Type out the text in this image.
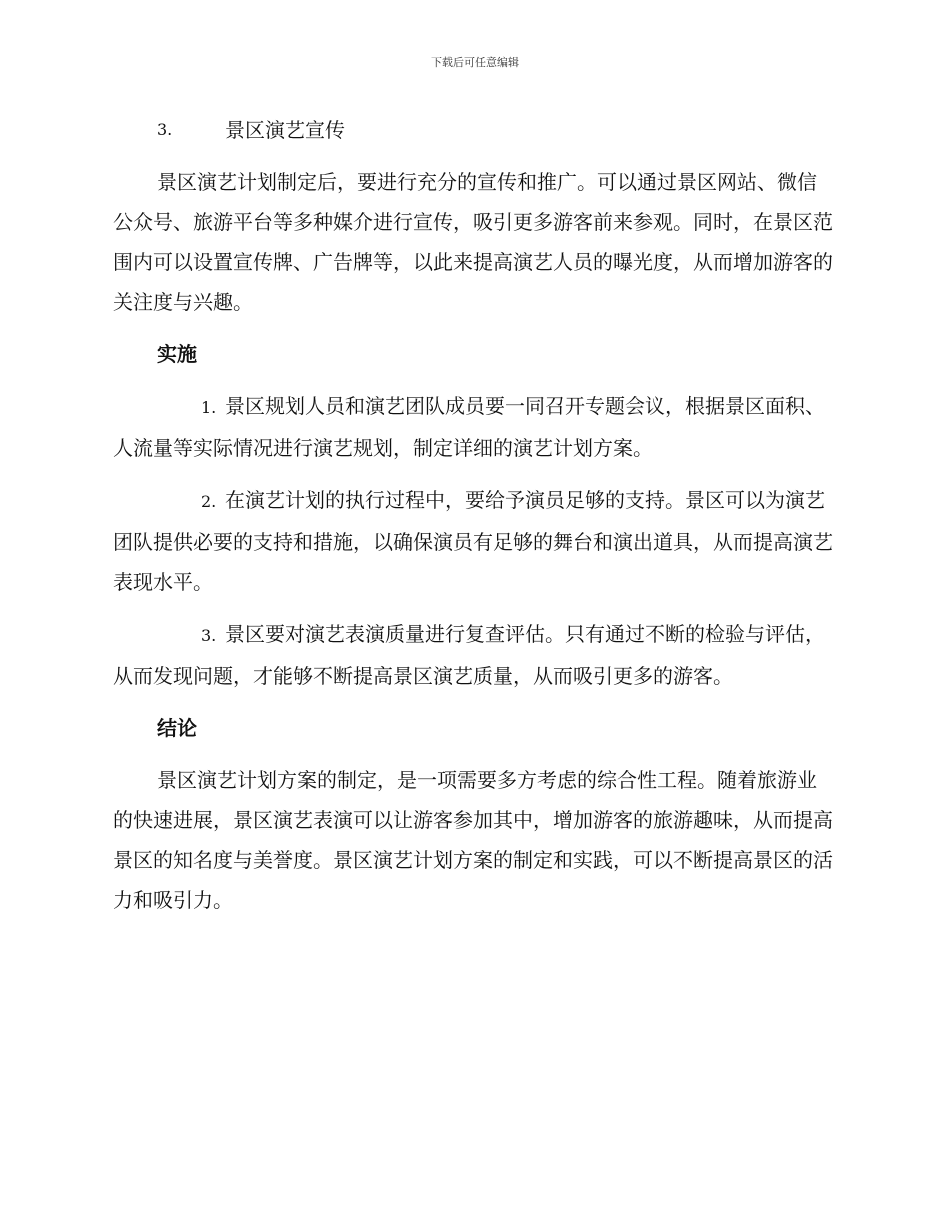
下载后可任意编辑
3.	景区演艺宣传

景区演艺计划制定后，要进行充分的宣传和推广。可以通过景区网站、微信公众号、旅游平台等多种媒介进行宣传，吸引更多游客前来参观。同时，在景区范围内可以设置宣传牌、广告牌等，以此来提高演艺人员的曝光度，从而增加游客的关注度与兴趣。

实施

1. 景区规划人员和演艺团队成员要一同召开专题会议，根据景区面积、人流量等实际情况进行演艺规划，制定详细的演艺计划方案。

2. 在演艺计划的执行过程中，要给予演员足够的支持。景区可以为演艺团队提供必要的支持和措施，以确保演员有足够的舞台和演出道具，从而提高演艺表现水平。

3. 景区要对演艺表演质量进行复查评估。只有通过不断的检验与评估，从而发现问题，才能够不断提高景区演艺质量，从而吸引更多的游客。

结论

景区演艺计划方案的制定，是一项需要多方考虑的综合性工程。随着旅游业的快速进展，景区演艺表演可以让游客参加其中，增加游客的旅游趣味，从而提高景区的知名度与美誉度。景区演艺计划方案的制定和实践，可以不断提高景区的活力和吸引力。
